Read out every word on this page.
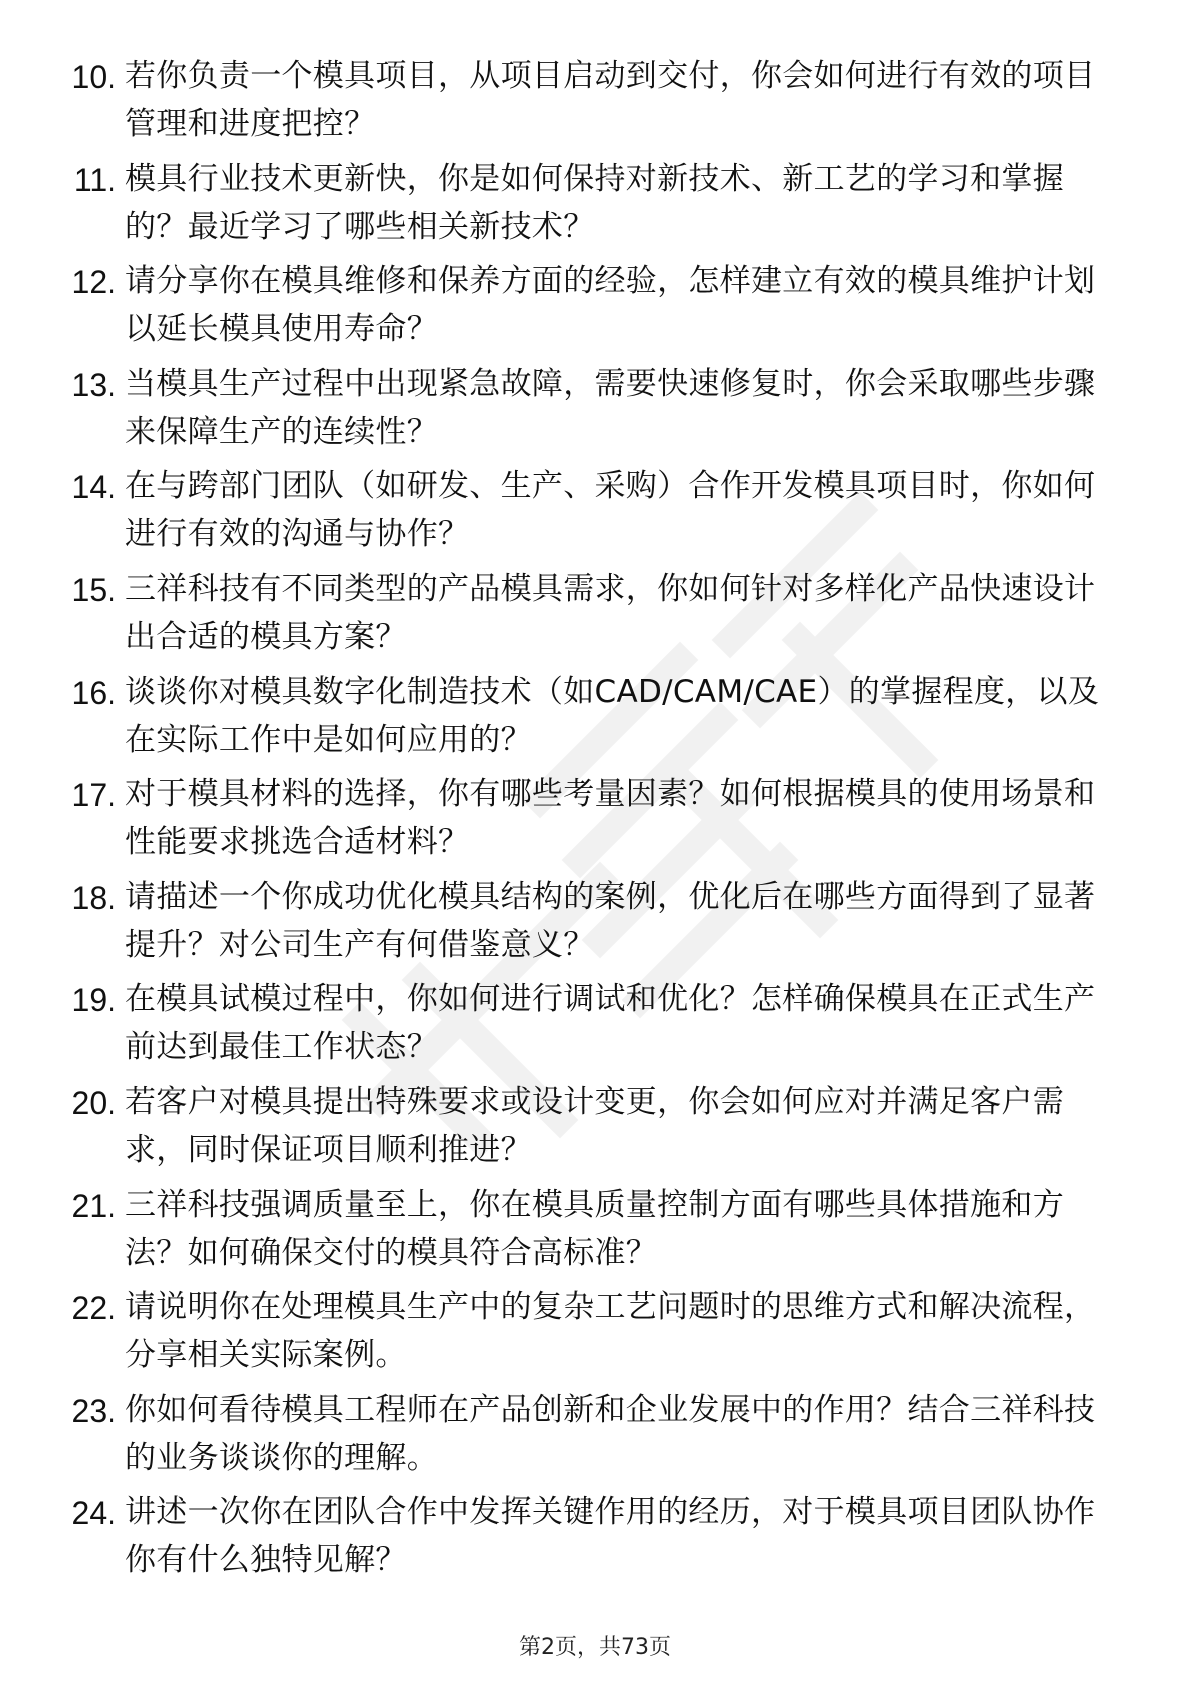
10. 若你负责一个模具项目，从项目启动到交付，你会如何进行有效的项目管理和进度把控？
11. 模具行业技术更新快，你是如何保持对新技术、新工艺的学习和掌握的？最近学习了哪些相关新技术？
12. 请分享你在模具维修和保养方面的经验，怎样建立有效的模具维护计划以延长模具使用寿命？
13. 当模具生产过程中出现紧急故障，需要快速修复时，你会采取哪些步骤来保障生产的连续性？
14. 在与跨部门团队（如研发、生产、采购）合作开发模具项目时，你如何进行有效的沟通与协作？
15. 三祥科技有不同类型的产品模具需求，你如何针对多样化产品快速设计出合适的模具方案？
16. 谈谈你对模具数字化制造技术（如CAD/CAM/CAE）的掌握程度，以及在实际工作中是如何应用的？
17. 对于模具材料的选择，你有哪些考量因素？如何根据模具的使用场景和性能要求挑选合适材料？
18. 请描述一个你成功优化模具结构的案例，优化后在哪些方面得到了显著提升？对公司生产有何借鉴意义？
19. 在模具试模过程中，你如何进行调试和优化？怎样确保模具在正式生产前达到最佳工作状态？
20. 若客户对模具提出特殊要求或设计变更，你会如何应对并满足客户需求，同时保证项目顺利推进？
21. 三祥科技强调质量至上，你在模具质量控制方面有哪些具体措施和方法？如何确保交付的模具符合高标准？
22. 请说明你在处理模具生产中的复杂工艺问题时的思维方式和解决流程，分享相关实际案例。
23. 你如何看待模具工程师在产品创新和企业发展中的作用？结合三祥科技的业务谈谈你的理解。
24. 讲述一次你在团队合作中发挥关键作用的经历，对于模具项目团队协作你有什么独特见解？
第2页，共73页
